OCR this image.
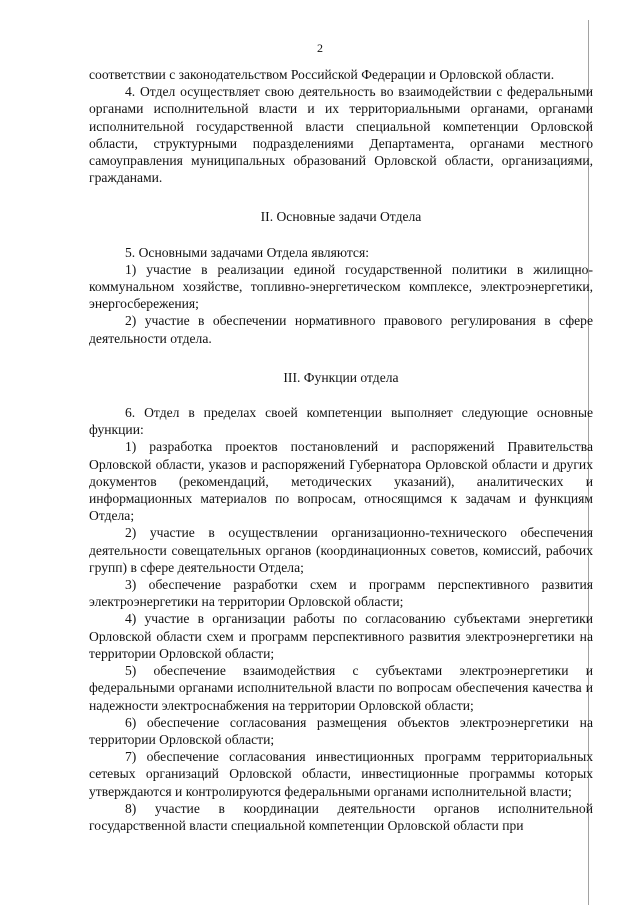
2

соответствии с законодательством Российской Федерации и Орловской области.

4. Отдел осуществляет свою деятельность во взаимодействии с федеральными органами исполнительной власти и их территориальными органами, органами исполнительной государственной власти специальной компетенции Орловской области, структурными подразделениями Департамента, органами местного самоуправления муниципальных образований Орловской области, организациями, гражданами.

II. Основные задачи Отдела

5. Основными задачами Отдела являются:

1) участие в реализации единой государственной политики в жилищно-коммунальном хозяйстве, топливно-энергетическом комплексе, электроэнергетики, энергосбережения;

2) участие в обеспечении нормативного правового регулирования в сфере деятельности отдела.

III. Функции отдела

6. Отдел в пределах своей компетенции выполняет следующие основные функции:

1) разработка проектов постановлений и распоряжений Правительства Орловской области, указов и распоряжений Губернатора Орловской области и других документов (рекомендаций, методических указаний), аналитических и информационных материалов по вопросам, относящимся к задачам и функциям Отдела;

2) участие в осуществлении организационно-технического обеспечения деятельности совещательных органов (координационных советов, комиссий, рабочих групп) в сфере деятельности Отдела;

3) обеспечение разработки схем и программ перспективного развития электроэнергетики на территории Орловской области;

4) участие в организации работы по согласованию субъектами энергетики Орловской области схем и программ перспективного развития электроэнергетики на территории Орловской области;

5) обеспечение взаимодействия с субъектами электроэнергетики и федеральными органами исполнительной власти по вопросам обеспечения качества и надежности электроснабжения на территории Орловской области;

6) обеспечение согласования размещения объектов электроэнергетики на территории Орловской области;

7) обеспечение согласования инвестиционных программ территориальных сетевых организаций Орловской области, инвестиционные программы которых утверждаются и контролируются федеральными органами исполнительной власти;

8) участие в координации деятельности органов исполнительной государственной власти специальной компетенции Орловской области при
